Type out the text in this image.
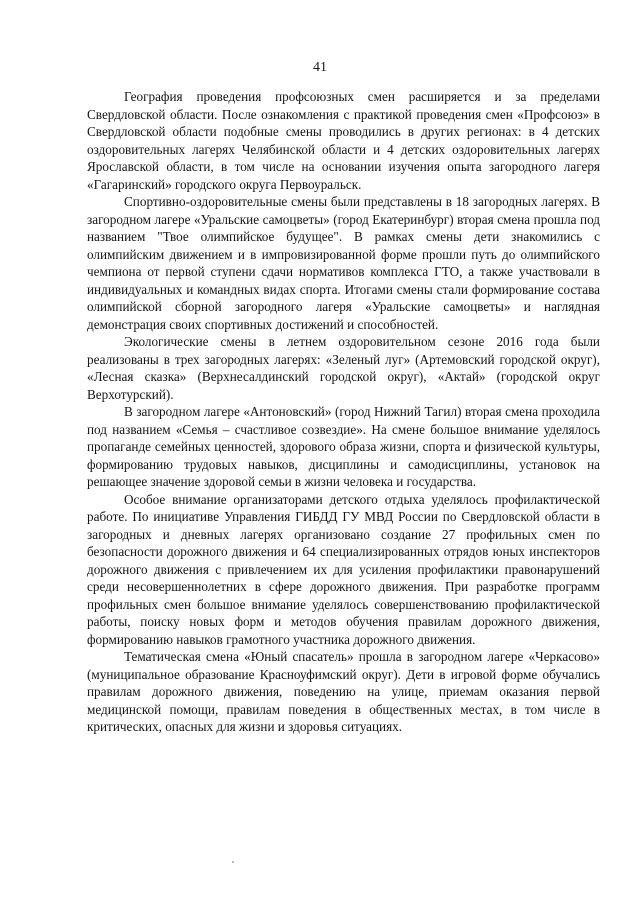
41

География проведения профсоюзных смен расширяется и за пределами Свердловской области. После ознакомления с практикой проведения смен «Профсоюз» в Свердловской области подобные смены проводились в других регионах: в 4 детских оздоровительных лагерях Челябинской области и 4 детских оздоровительных лагерях Ярославской области, в том числе на основании изучения опыта загородного лагеря «Гагаринский» городского округа Первоуральск.

Спортивно-оздоровительные смены были представлены в 18 загородных лагерях. В загородном лагере «Уральские самоцветы» (город Екатеринбург) вторая смена прошла под названием "Твое олимпийское будущее". В рамках смены дети знакомились с олимпийским движением и в импровизированной форме прошли путь до олимпийского чемпиона от первой ступени сдачи нормативов комплекса ГТО, а также участвовали в индивидуальных и командных видах спорта. Итогами смены стали формирование состава олимпийской сборной загородного лагеря «Уральские самоцветы» и наглядная демонстрация своих спортивных достижений и способностей.

Экологические смены в летнем оздоровительном сезоне 2016 года были реализованы в трех загородных лагерях: «Зеленый луг» (Артемовский городской округ), «Лесная сказка» (Верхнесалдинский городской округ), «Актай» (городской округ Верхотурский).

В загородном лагере «Антоновский» (город Нижний Тагил) вторая смена проходила под названием «Семья – счастливое созвездие». На смене большое внимание уделялось пропаганде семейных ценностей, здорового образа жизни, спорта и физической культуры, формированию трудовых навыков, дисциплины и самодисциплины, установок на решающее значение здоровой семьи в жизни человека и государства.

Особое внимание организаторами детского отдыха уделялось профилактической работе. По инициативе Управления ГИБДД ГУ МВД России по Свердловской области в загородных и дневных лагерях организовано создание 27 профильных смен по безопасности дорожного движения и 64 специализированных отрядов юных инспекторов дорожного движения с привлечением их для усиления профилактики правонарушений среди несовершеннолетних в сфере дорожного движения. При разработке программ профильных смен большое внимание уделялось совершенствованию профилактической работы, поиску новых форм и методов обучения правилам дорожного движения, формированию навыков грамотного участника дорожного движения.

Тематическая смена «Юный спасатель» прошла в загородном лагере «Черкасово» (муниципальное образование Красноуфимский округ). Дети в игровой форме обучались правилам дорожного движения, поведению на улице, приемам оказания первой медицинской помощи, правилам поведения в общественных местах, в том числе в критических, опасных для жизни и здоровья ситуациях.
